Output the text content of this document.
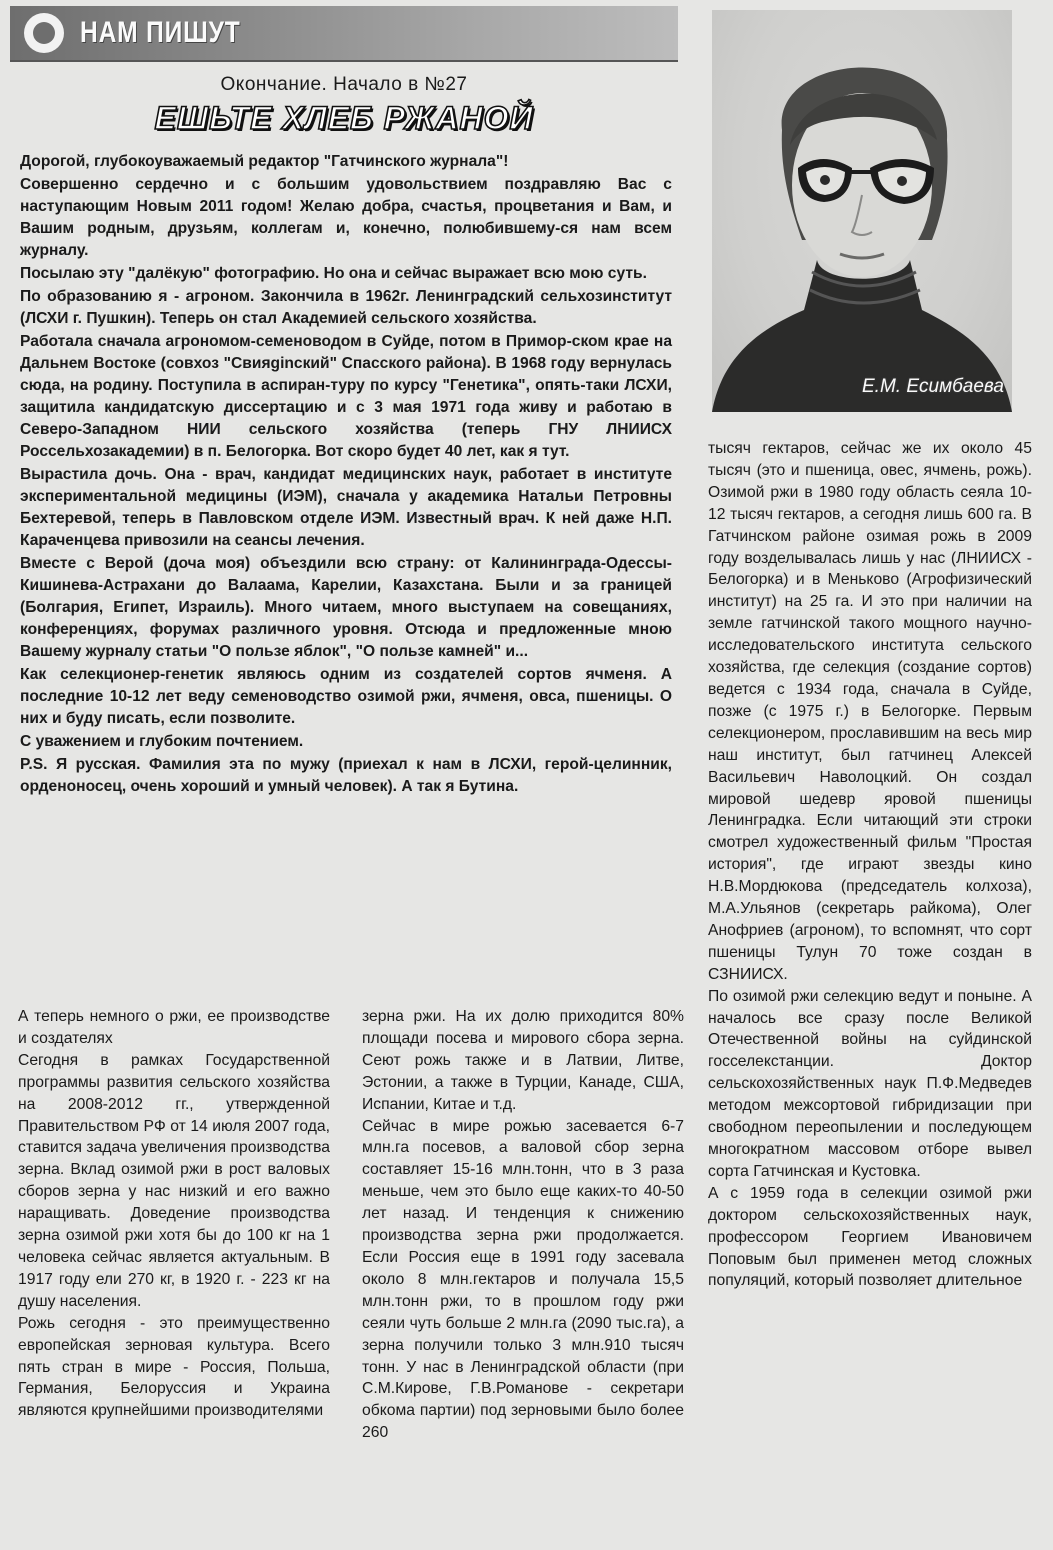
НАМ ПИШУТ
Окончание. Начало в №27
ЕШЬТЕ ХЛЕБ РЖАНОЙ
Е.М. Есимбаева

Дорогой, глубокоуважаемый редактор "Гатчинского журнала"!

Совершенно сердечно и с большим удовольствием поздравляю Вас с наступающим Новым 2011 годом! Желаю добра, счастья, процветания и Вам, и Вашим родным, друзьям, коллегам и, конечно, полюбившему-ся нам всем журналу.

Посылаю эту "далёкую" фотографию. Но она и сейчас выражает всю мою суть.

По образованию я - агроном. Закончила в 1962г. Ленинградский сельхозинститут (ЛСХИ г. Пушкин). Теперь он стал Академией сельского хозяйства.

Работала сначала агрономом-семеноводом в Суйде, потом в Примор-ском крае на Дальнем Востоке (совхоз "Свияginский" Спасского района). В 1968 году вернулась сюда, на родину. Поступила в аспиран-туру по курсу "Генетика", опять-таки ЛСХИ, защитила кандидатскую диссертацию и с 3 мая 1971 года живу и работаю в Северо-Западном НИИ сельского хозяйства (теперь ГНУ ЛНИИСХ Россельхозакадемии) в п. Белогорка. Вот скоро будет 40 лет, как я тут.

Вырастила дочь. Она - врач, кандидат медицинских наук, работает в институте экспериментальной медицины (ИЭМ), сначала у академика Натальи Петровны Бехтеревой, теперь в Павловском отделе ИЭМ. Известный врач. К ней даже Н.П. Караченцева привозили на сеансы лечения.

Вместе с Верой (доча моя) объездили всю страну: от Калининграда-Одессы-Кишинева-Астрахани до Валаама, Карелии, Казахстана. Были и за границей (Болгария, Египет, Израиль). Много читаем, много выступаем на совещаниях, конференциях, форумах различного уровня. Отсюда и предложенные мною Вашему журналу статьи "О пользе яблок", "О пользе камней" и...

Как селекционер-генетик являюсь одним из создателей сортов ячменя. А последние 10-12 лет веду семеноводство озимой ржи, ячменя, овса, пшеницы. О них и буду писать, если позволите.

С уважением и глубоким почтением.

P.S. Я русская. Фамилия эта по мужу (приехал к нам в ЛСХИ, герой-целинник, орденоносец, очень хороший и умный человек). А так я Бутина.

А теперь немного о ржи, ее производстве и создателях

Сегодня в рамках Государственной программы развития сельского хозяйства на 2008-2012 гг., утвержденной Правительством РФ от 14 июля 2007 года, ставится задача увеличения производства зерна. Вклад озимой ржи в рост валовых сборов зерна у нас низкий и его важно наращивать. Доведение производства зерна озимой ржи хотя бы до 100 кг на 1 человека сейчас является актуальным. В 1917 году ели 270 кг, в 1920 г. - 223 кг на душу населения.

Рожь сегодня - это преимущественно европейская зерновая культура. Всего пять стран в мире - Россия, Польша, Германия, Белоруссия и Украина являются крупнейшими производителями

зерна ржи. На их долю приходится 80% площади посева и мирового сбора зерна. Сеют рожь также и в Латвии, Литве, Эстонии, а также в Турции, Канаде, США, Испании, Китае и т.д.

Сейчас в мире рожью засевается 6-7 млн.га посевов, а валовой сбор зерна составляет 15-16 млн.тонн, что в 3 раза меньше, чем это было еще каких-то 40-50 лет назад. И тенденция к снижению производства зерна ржи продолжается. Если Россия еще в 1991 году засевала около 8 млн.гектаров и получала 15,5 млн.тонн ржи, то в прошлом году ржи сеяли чуть больше 2 млн.га (2090 тыс.га), а зерна получили только 3 млн.910 тысяч тонн. У нас в Ленинградской области (при С.М.Кирове, Г.В.Романове - секретари обкома партии) под зерновыми было более 260

тысяч гектаров, сейчас же их около 45 тысяч (это и пшеница, овес, ячмень, рожь). Озимой ржи в 1980 году область сеяла 10-12 тысяч гектаров, а сегодня лишь 600 га. В Гатчинском районе озимая рожь в 2009 году возделывалась лишь у нас (ЛНИИСХ - Белогорка) и в Меньково (Агрофизический институт) на 25 га. И это при наличии на земле гатчинской такого мощного научно-исследовательского института сельского хозяйства, где селекция (создание сортов) ведется с 1934 года, сначала в Суйде, позже (с 1975 г.) в Белогорке. Первым селекционером, прославившим на весь мир наш институт, был гатчинец Алексей Васильевич Наволоцкий. Он создал мировой шедевр яровой пшеницы Ленинградка. Если читающий эти строки смотрел художественный фильм "Простая история", где играют звезды кино Н.В.Мордюкова (председатель колхоза), М.А.Ульянов (секретарь райкома), Олег Анофриев (агроном), то вспомнят, что сорт пшеницы Тулун 70 тоже создан в СЗНИИСХ.

По озимой ржи селекцию ведут и поныне. А началось все сразу после Великой Отечественной войны на суйдинской госселекстанции. Доктор сельскохозяйственных наук П.Ф.Медведев методом межсортовой гибридизации при свободном переопылении и последующем многократном массовом отборе вывел сорта Гатчинская и Кустовка.

А с 1959 года в селекции озимой ржи доктором сельскохозяйственных наук, профессором Георгием Ивановичем Поповым был применен метод сложных популяций, который позволяет длительное
